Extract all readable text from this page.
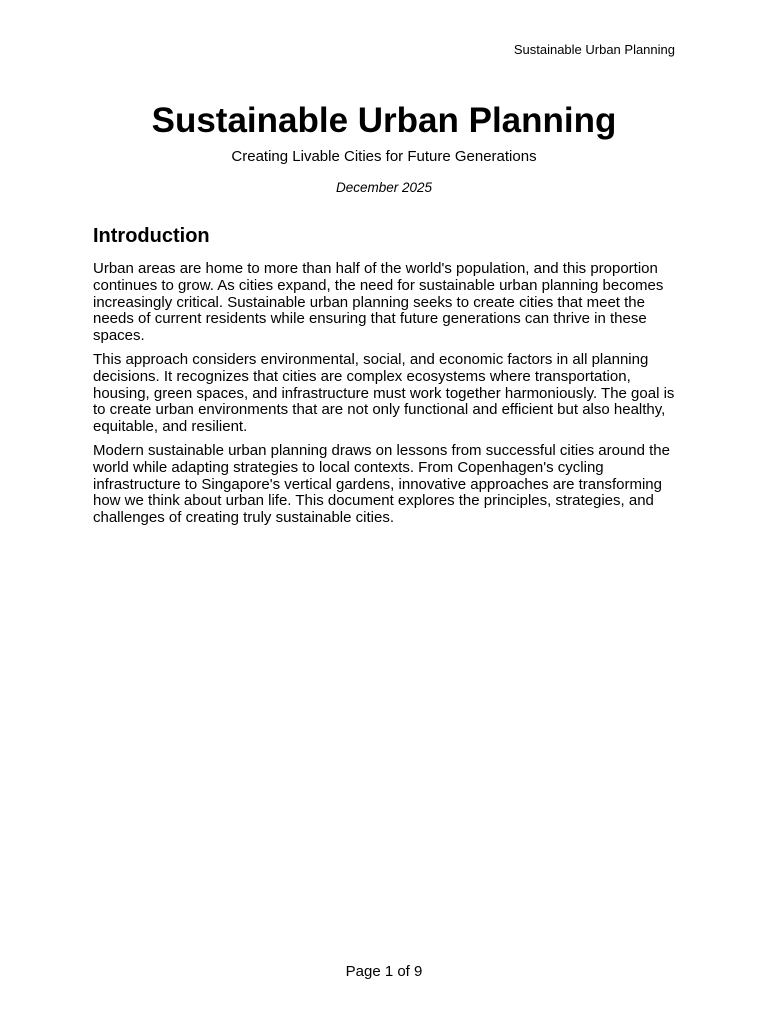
Sustainable Urban Planning
Sustainable Urban Planning
Creating Livable Cities for Future Generations
December 2025
Introduction

Urban areas are home to more than half of the world's population, and this proportion continues to grow. As cities expand, the need for sustainable urban planning becomes increasingly critical. Sustainable urban planning seeks to create cities that meet the needs of current residents while ensuring that future generations can thrive in these spaces.

This approach considers environmental, social, and economic factors in all planning decisions. It recognizes that cities are complex ecosystems where transportation, housing, green spaces, and infrastructure must work together harmoniously. The goal is to create urban environments that are not only functional and efficient but also healthy, equitable, and resilient.

Modern sustainable urban planning draws on lessons from successful cities around the world while adapting strategies to local contexts. From Copenhagen's cycling infrastructure to Singapore's vertical gardens, innovative approaches are transforming how we think about urban life. This document explores the principles, strategies, and challenges of creating truly sustainable cities.

Page 1 of 9
